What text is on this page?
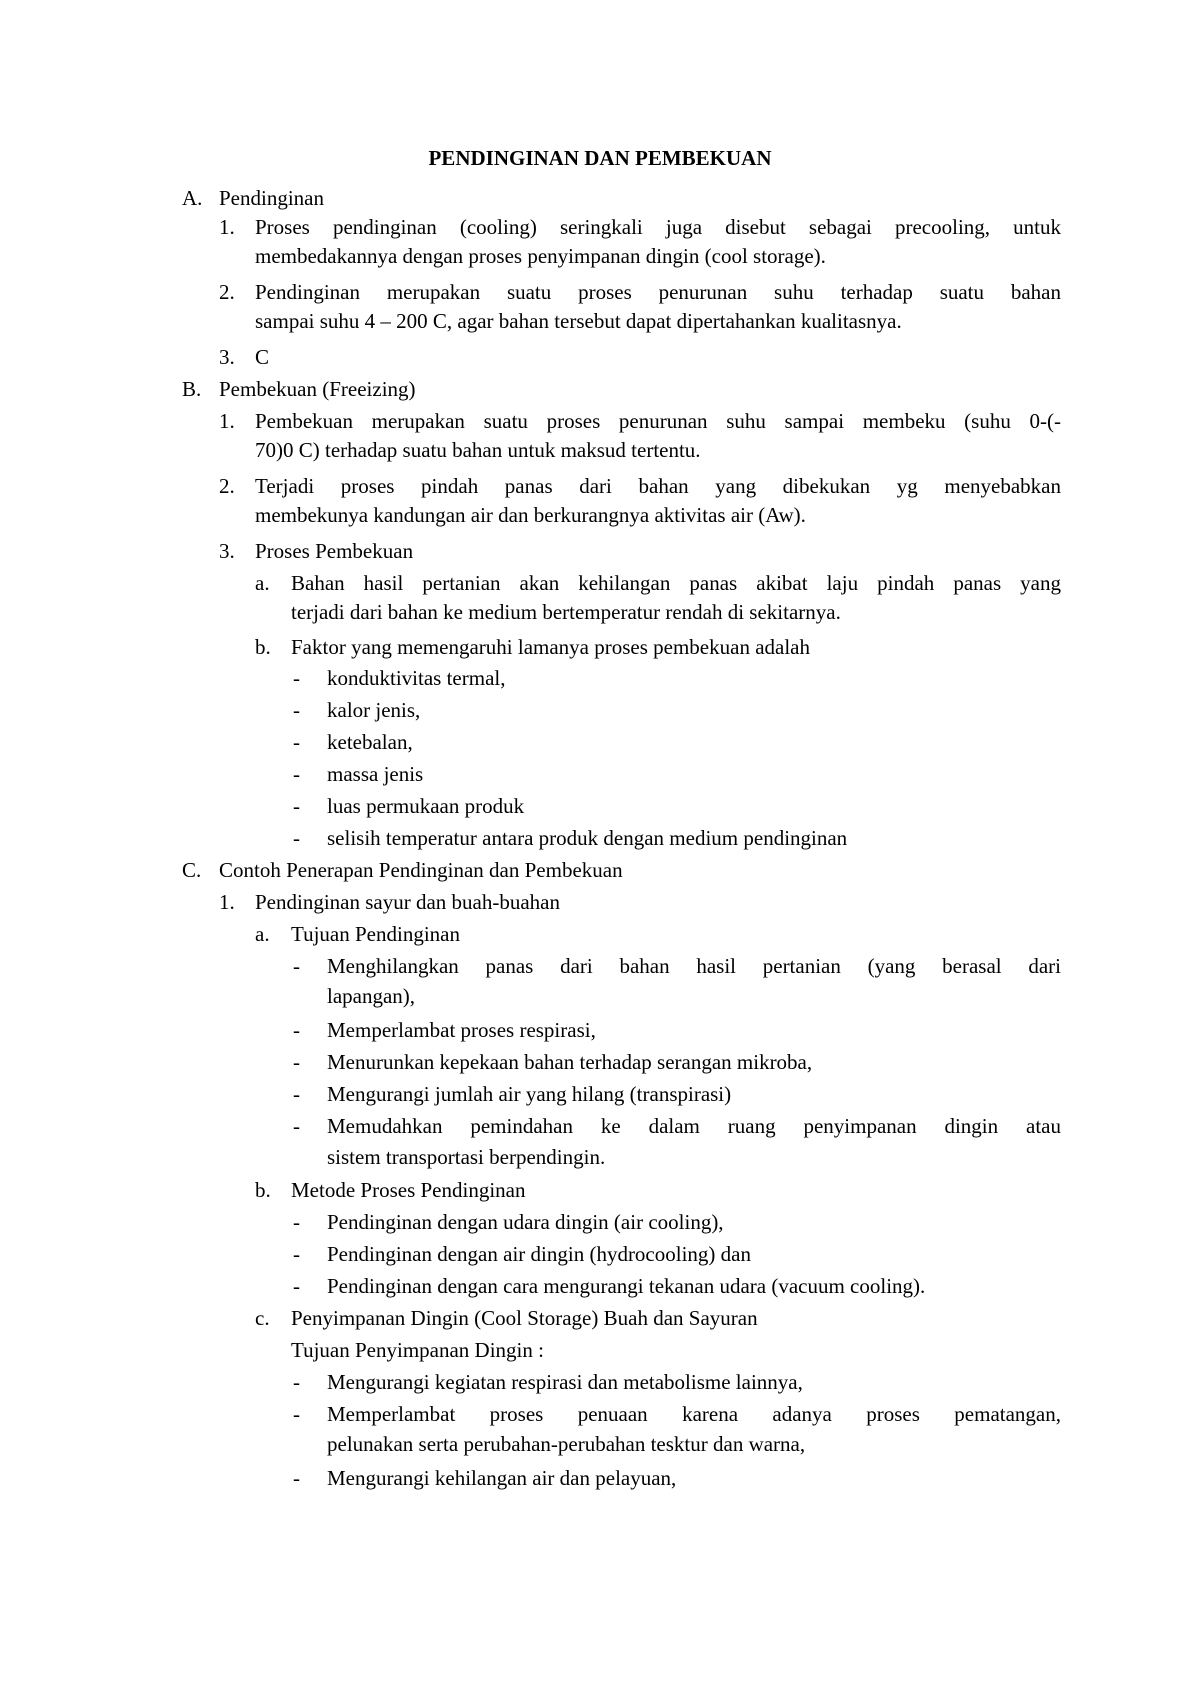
PENDINGINAN DAN PEMBEKUAN
A. Pendinginan
1. Proses pendinginan (cooling) seringkali juga disebut sebagai precooling, untuk
membedakannya dengan proses penyimpanan dingin (cool storage).
2. Pendinginan merupakan suatu proses penurunan suhu terhadap suatu bahan
sampai suhu 4 – 200 C, agar bahan tersebut dapat dipertahankan kualitasnya.
3. C
B. Pembekuan (Freeizing)
1. Pembekuan merupakan suatu proses penurunan suhu sampai membeku (suhu 0-(-
70)0 C) terhadap suatu bahan untuk maksud tertentu.
2. Terjadi proses pindah panas dari bahan yang dibekukan yg menyebabkan
membekunya kandungan air dan berkurangnya aktivitas air (Aw).
3. Proses Pembekuan
a. Bahan hasil pertanian akan kehilangan panas akibat laju pindah panas yang
terjadi dari bahan ke medium bertemperatur rendah di sekitarnya.
b. Faktor yang memengaruhi lamanya proses pembekuan adalah
- konduktivitas termal,
- kalor jenis,
- ketebalan,
- massa jenis
- luas permukaan produk
- selisih temperatur antara produk dengan medium pendinginan
C. Contoh Penerapan Pendinginan dan Pembekuan
1. Pendinginan sayur dan buah-buahan
a. Tujuan Pendinginan
- Menghilangkan panas dari bahan hasil pertanian (yang berasal dari
lapangan),
- Memperlambat proses respirasi,
- Menurunkan kepekaan bahan terhadap serangan mikroba,
- Mengurangi jumlah air yang hilang (transpirasi)
- Memudahkan pemindahan ke dalam ruang penyimpanan dingin atau
sistem transportasi berpendingin.
b. Metode Proses Pendinginan
- Pendinginan dengan udara dingin (air cooling),
- Pendinginan dengan air dingin (hydrocooling) dan
- Pendinginan dengan cara mengurangi tekanan udara (vacuum cooling).
c. Penyimpanan Dingin (Cool Storage) Buah dan Sayuran
Tujuan Penyimpanan Dingin :
- Mengurangi kegiatan respirasi dan metabolisme lainnya,
- Memperlambat proses penuaan karena adanya proses pematangan,
pelunakan serta perubahan-perubahan tesktur dan warna,
- Mengurangi kehilangan air dan pelayuan,
